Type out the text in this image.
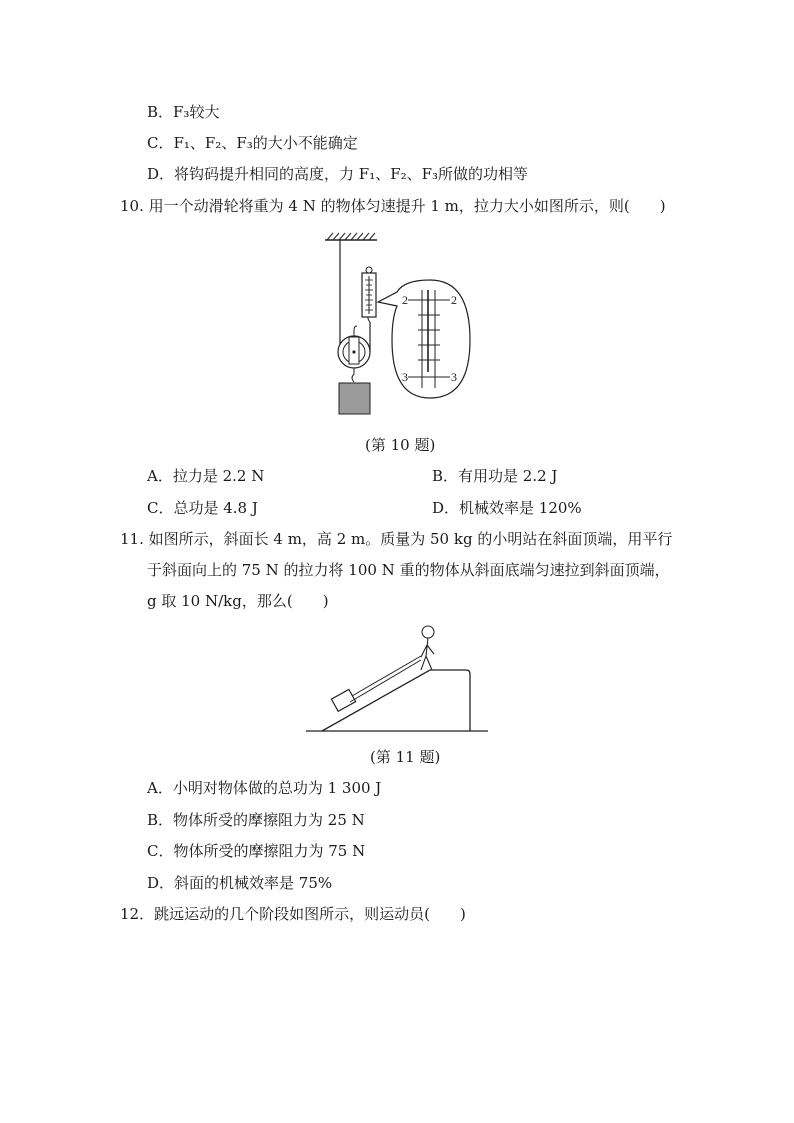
B．F₃较大
C．F₁、F₂、F₃的大小不能确定
D．将钩码提升相同的高度，力 F₁、F₂、F₃所做的功相等
10. 用一个动滑轮将重为 4 N 的物体匀速提升 1 m，拉力大小如图所示，则(　　)
2	2
3	3
(第 10 题)
A．拉力是 2.2 N	B．有用功是 2.2 J
C．总功是 4.8 J	D．机械效率是 120%
11. 如图所示，斜面长 4 m，高 2 m。质量为 50 kg 的小明站在斜面顶端，用平行
于斜面向上的 75 N 的拉力将 100 N 重的物体从斜面底端匀速拉到斜面顶端，
g 取 10 N/kg，那么(　　)
(第 11 题)
A．小明对物体做的总功为 1 300 J
B．物体所受的摩擦阻力为 25 N
C．物体所受的摩擦阻力为 75 N
D．斜面的机械效率是 75%
12．跳远运动的几个阶段如图所示，则运动员(　　)
